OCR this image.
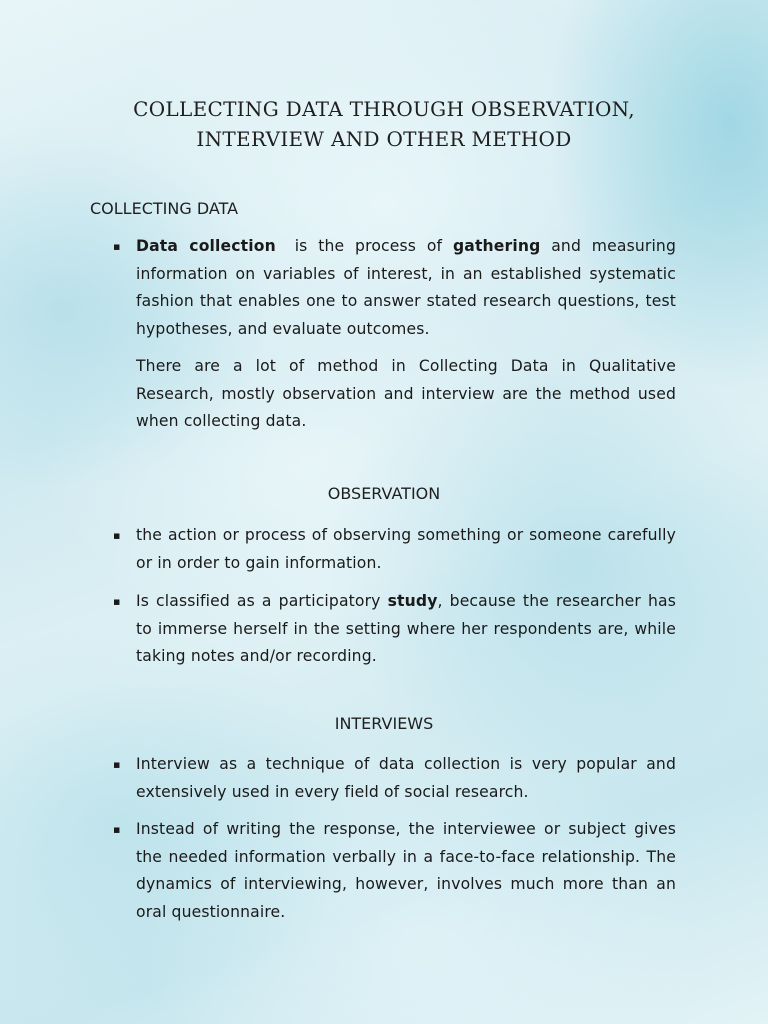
COLLECTING DATA THROUGH OBSERVATION,
INTERVIEW AND OTHER METHOD
COLLECTING DATA
▪ Data collection is the process of gathering and measuring information on variables of interest, in an established systematic fashion that enables one to answer stated research questions, test hypotheses, and evaluate outcomes.

There are a lot of method in Collecting Data in Qualitative Research, mostly observation and interview are the method used when collecting data.

OBSERVATION
▪ the action or process of observing something or someone carefully or in order to gain information.

▪ Is classified as a participatory study, because the researcher has to immerse herself in the setting where her respondents are, while taking notes and/or recording.

INTERVIEWS
▪ Interview as a technique of data collection is very popular and extensively used in every field of social research.

▪ Instead of writing the response, the interviewee or subject gives the needed information verbally in a face-to-face relationship. The dynamics of interviewing, however, involves much more than an oral questionnaire.
